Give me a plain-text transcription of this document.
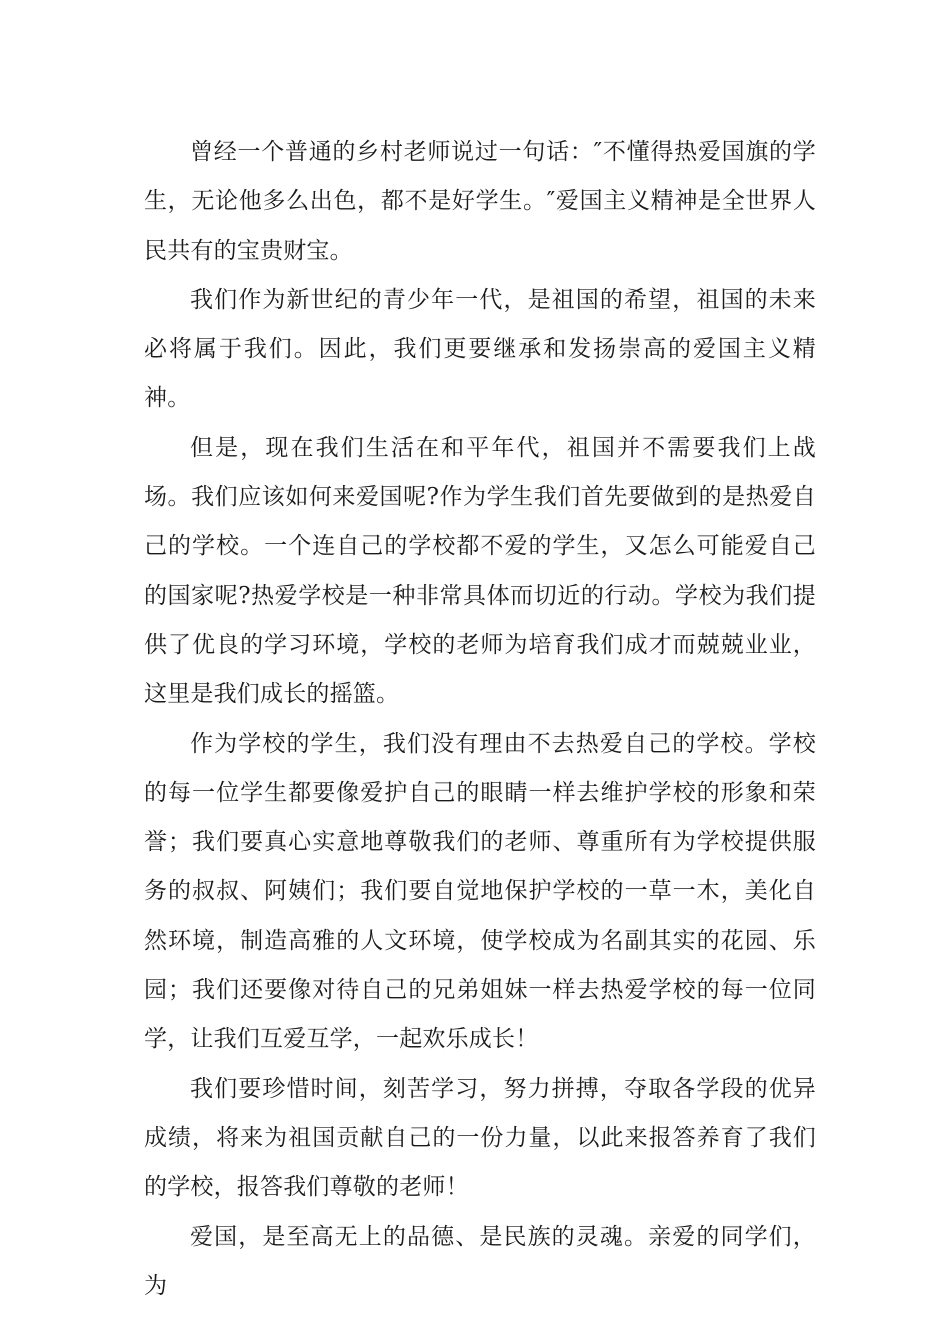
曾经一个普通的乡村老师说过一句话：″不懂得热爱国旗的学生，无论他多么出色，都不是好学生。″爱国主义精神是全世界人民共有的宝贵财宝。

我们作为新世纪的青少年一代，是祖国的希望，祖国的未来必将属于我们。因此，我们更要继承和发扬崇高的爱国主义精神。

但是，现在我们生活在和平年代，祖国并不需要我们上战场。我们应该如何来爱国呢?作为学生我们首先要做到的是热爱自己的学校。一个连自己的学校都不爱的学生，又怎么可能爱自己的国家呢?热爱学校是一种非常具体而切近的行动。学校为我们提供了优良的学习环境，学校的老师为培育我们成才而兢兢业业，这里是我们成长的摇篮。

作为学校的学生，我们没有理由不去热爱自己的学校。学校的每一位学生都要像爱护自己的眼睛一样去维护学校的形象和荣誉；我们要真心实意地尊敬我们的老师、尊重所有为学校提供服务的叔叔、阿姨们；我们要自觉地保护学校的一草一木，美化自然环境，制造高雅的人文环境，使学校成为名副其实的花园、乐园；我们还要像对待自己的兄弟姐妹一样去热爱学校的每一位同学，让我们互爱互学，一起欢乐成长！

我们要珍惜时间，刻苦学习，努力拼搏，夺取各学段的优异成绩，将来为祖国贡献自己的一份力量，以此来报答养育了我们的学校，报答我们尊敬的老师！

爱国，是至高无上的品德、是民族的灵魂。亲爱的同学们，为
